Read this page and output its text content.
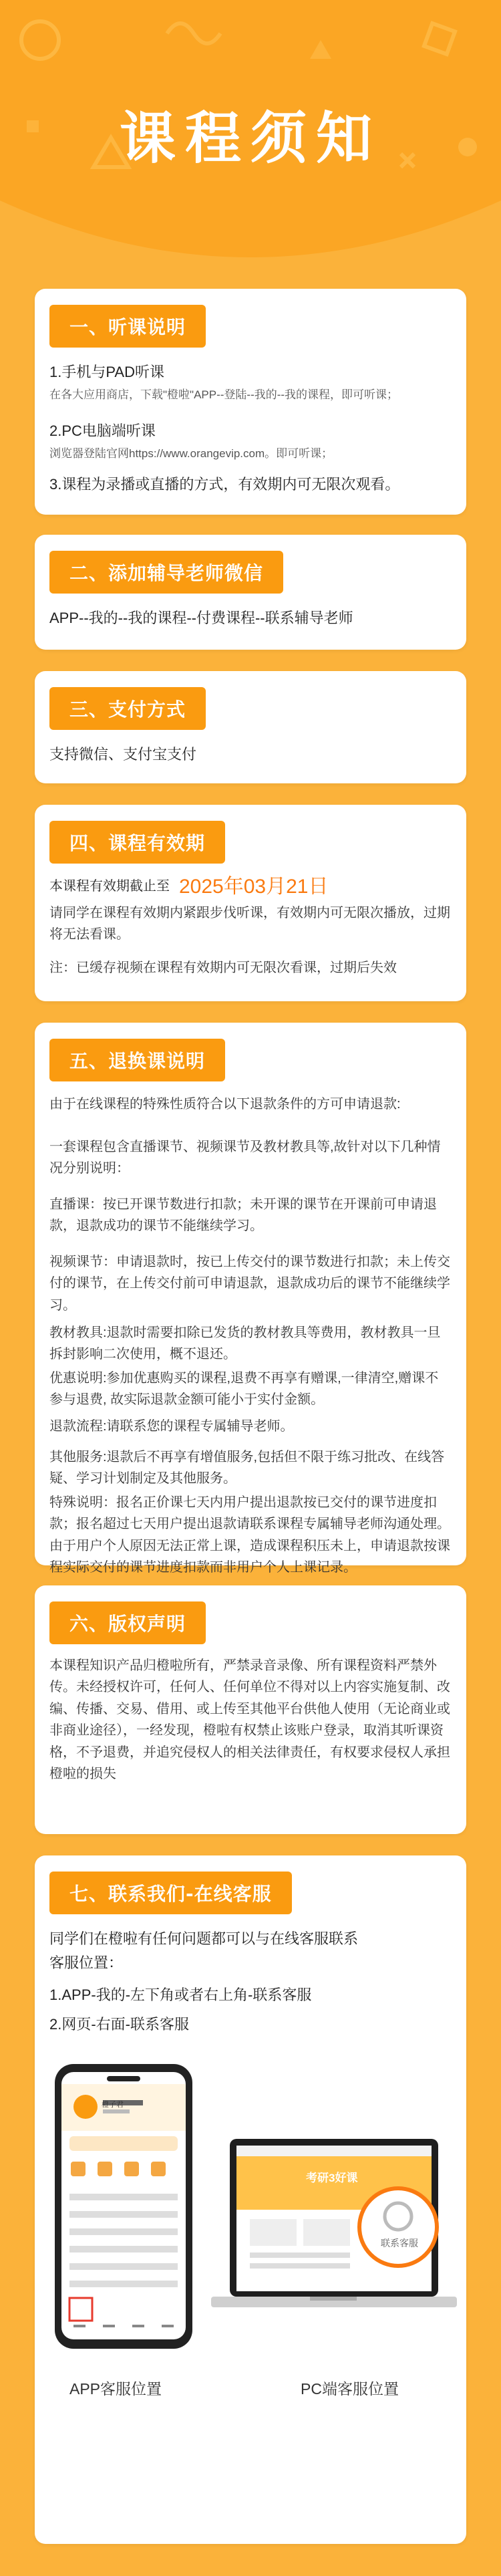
课程须知
一、听课说明
1.手机与PAD听课
在各大应用商店，下载"橙啦"APP--登陆--我的--我的课程，即可听课；
2.PC电脑端听课
浏览器登陆官网https://www.orangevip.com。即可听课；
3.课程为录播或直播的方式，有效期内可无限次观看。
二、添加辅导老师微信
APP--我的--我的课程--付费课程--联系辅导老师
三、支付方式
支持微信、支付宝支付
四、课程有效期
本课程有效期截止至 2025年03月21日
请同学在课程有效期内紧跟步伐听课，有效期内可无限次播放，过期将无法看课。
注：已缓存视频在课程有效期内可无限次看课，过期后失效
五、退换课说明
由于在线课程的特殊性质符合以下退款条件的方可申请退款:
一套课程包含直播课节、视频课节及教材教具等,故针对以下几种情况分别说明：
直播课：按已开课节数进行扣款；未开课的课节在开课前可申请退款，退款成功的课节不能继续学习。
视频课节：申请退款时，按已上传交付的课节数进行扣款；未上传交付的课节，在上传交付前可申请退款，退款成功后的课节不能继续学习。
教材教具:退款时需要扣除已发货的教材教具等费用，教材教具一旦拆封影响二次使用，概不退还。
优惠说明:参加优惠购买的课程,退费不再享有赠课,一律清空,赠课不参与退费, 故实际退款金额可能小于实付金额。
退款流程:请联系您的课程专属辅导老师。
其他服务:退款后不再享有增值服务,包括但不限于练习批改、在线答疑、学习计划制定及其他服务。
特殊说明：报名正价课七天内用户提出退款按已交付的课节进度扣款；报名超过七天用户提出退款请联系课程专属辅导老师沟通处理。由于用户个人原因无法正常上课，造成课程积压未上，申请退款按课程实际交付的课节进度扣款而非用户个人上课记录。
六、版权声明
本课程知识产品归橙啦所有，严禁录音录像、所有课程资料严禁外传。未经授权许可，任何人、任何单位不得对以上内容实施复制、改编、传播、交易、借用、或上传至其他平台供他人使用（无论商业或非商业途径），一经发现，橙啦有权禁止该账户登录，取消其听课资格，不予退费，并追究侵权人的相关法律责任，有权要求侵权人承担橙啦的损失
七、联系我们-在线客服
同学们在橙啦有任何问题都可以与在线客服联系
客服位置：
1.APP-我的-左下角或者右上角-联系客服
2.网页-右面-联系客服
橙子君
APP客服位置
考研3好课
联系客服
PC端客服位置
